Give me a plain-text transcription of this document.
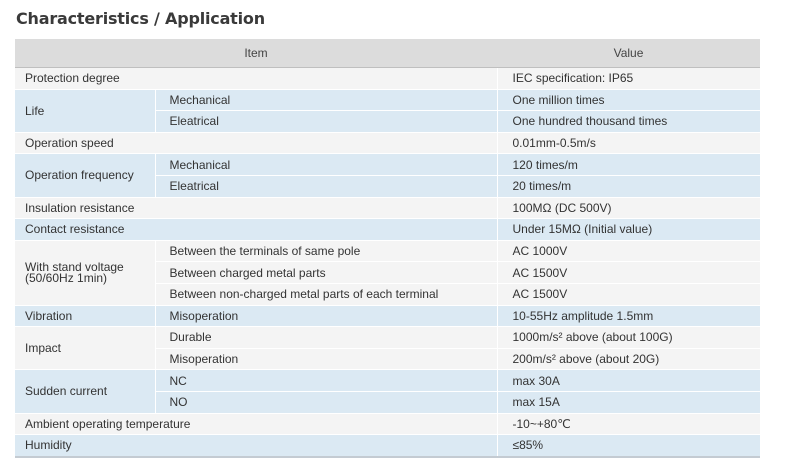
Characteristics / Application
Item		Value
Protection degree		IEC specification: IP65
Life	Mechanical	One million times
	Eleatrical	One hundred thousand times
Operation speed		0.01mm-0.5m/s
Operation frequency	Mechanical	120 times/m
	Eleatrical	20 times/m
Insulation resistance		100MΩ (DC 500V)
Contact resistance		Under 15MΩ (Initial value)
With stand voltage
(50/60Hz 1min)	Between the terminals of same pole	AC 1000V
	Between charged metal parts	AC 1500V
	Between non-charged metal parts of each terminal	AC 1500V
Vibration	Misoperation	10-55Hz amplitude 1.5mm
Impact	Durable	1000m/s² above (about 100G)
	Misoperation	200m/s² above (about 20G)
Sudden current	NC	max 30A
	NO	max 15A
Ambient operating temperature		-10~+80℃
Humidity		≤85%
